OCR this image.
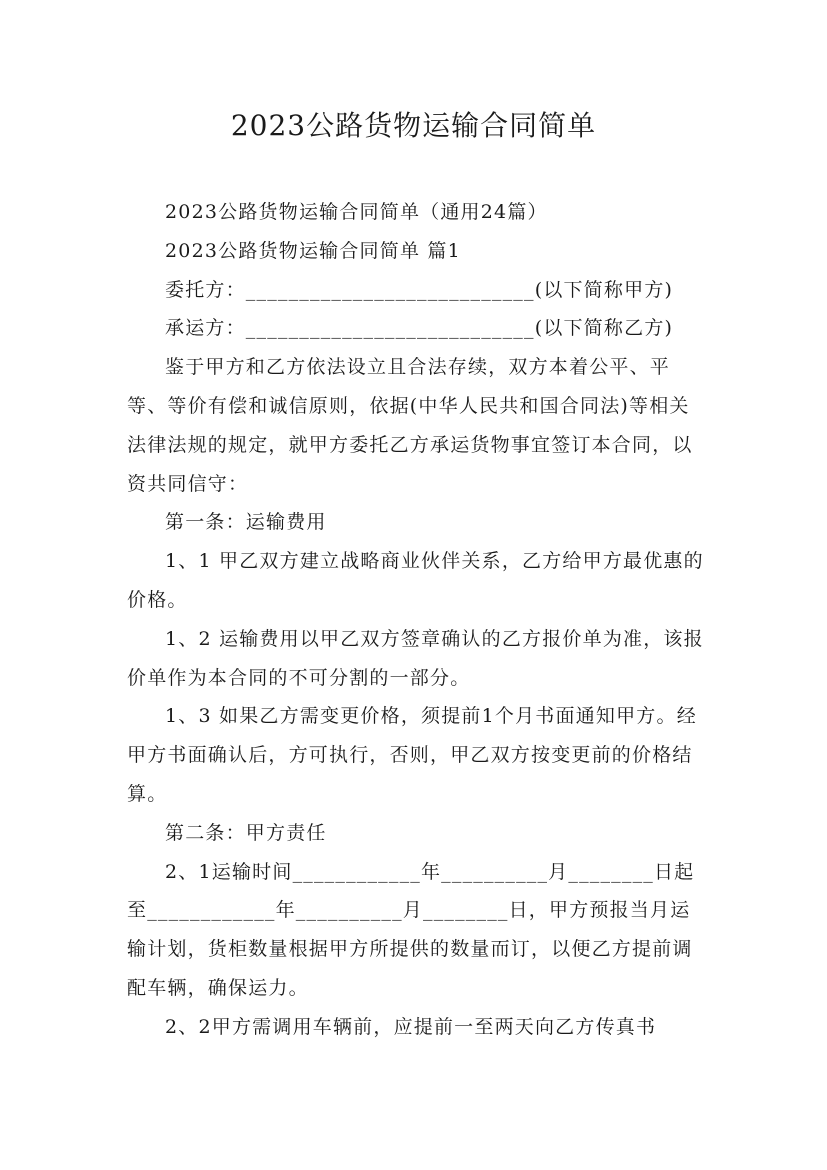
2023公路货物运输合同简单

2023公路货物运输合同简单（通用24篇）

2023公路货物运输合同简单 篇1

委托方：___________________________(以下简称甲方)

承运方：___________________________(以下简称乙方)

鉴于甲方和乙方依法设立且合法存续，双方本着公平、平等、等价有偿和诚信原则，依据(中华人民共和国合同法)等相关法律法规的规定，就甲方委托乙方承运货物事宜签订本合同，以资共同信守：

第一条：运输费用

1、1 甲乙双方建立战略商业伙伴关系，乙方给甲方最优惠的价格。

1、2 运输费用以甲乙双方签章确认的乙方报价单为准，该报价单作为本合同的不可分割的一部分。

1、3 如果乙方需变更价格，须提前1个月书面通知甲方。经甲方书面确认后，方可执行，否则，甲乙双方按变更前的价格结算。

第二条：甲方责任

2、1运输时间____________年__________月________日起至____________年__________月________日，甲方预报当月运输计划，货柜数量根据甲方所提供的数量而订，以便乙方提前调配车辆，确保运力。

2、2甲方需调用车辆前，应提前一至两天向乙方传真书
